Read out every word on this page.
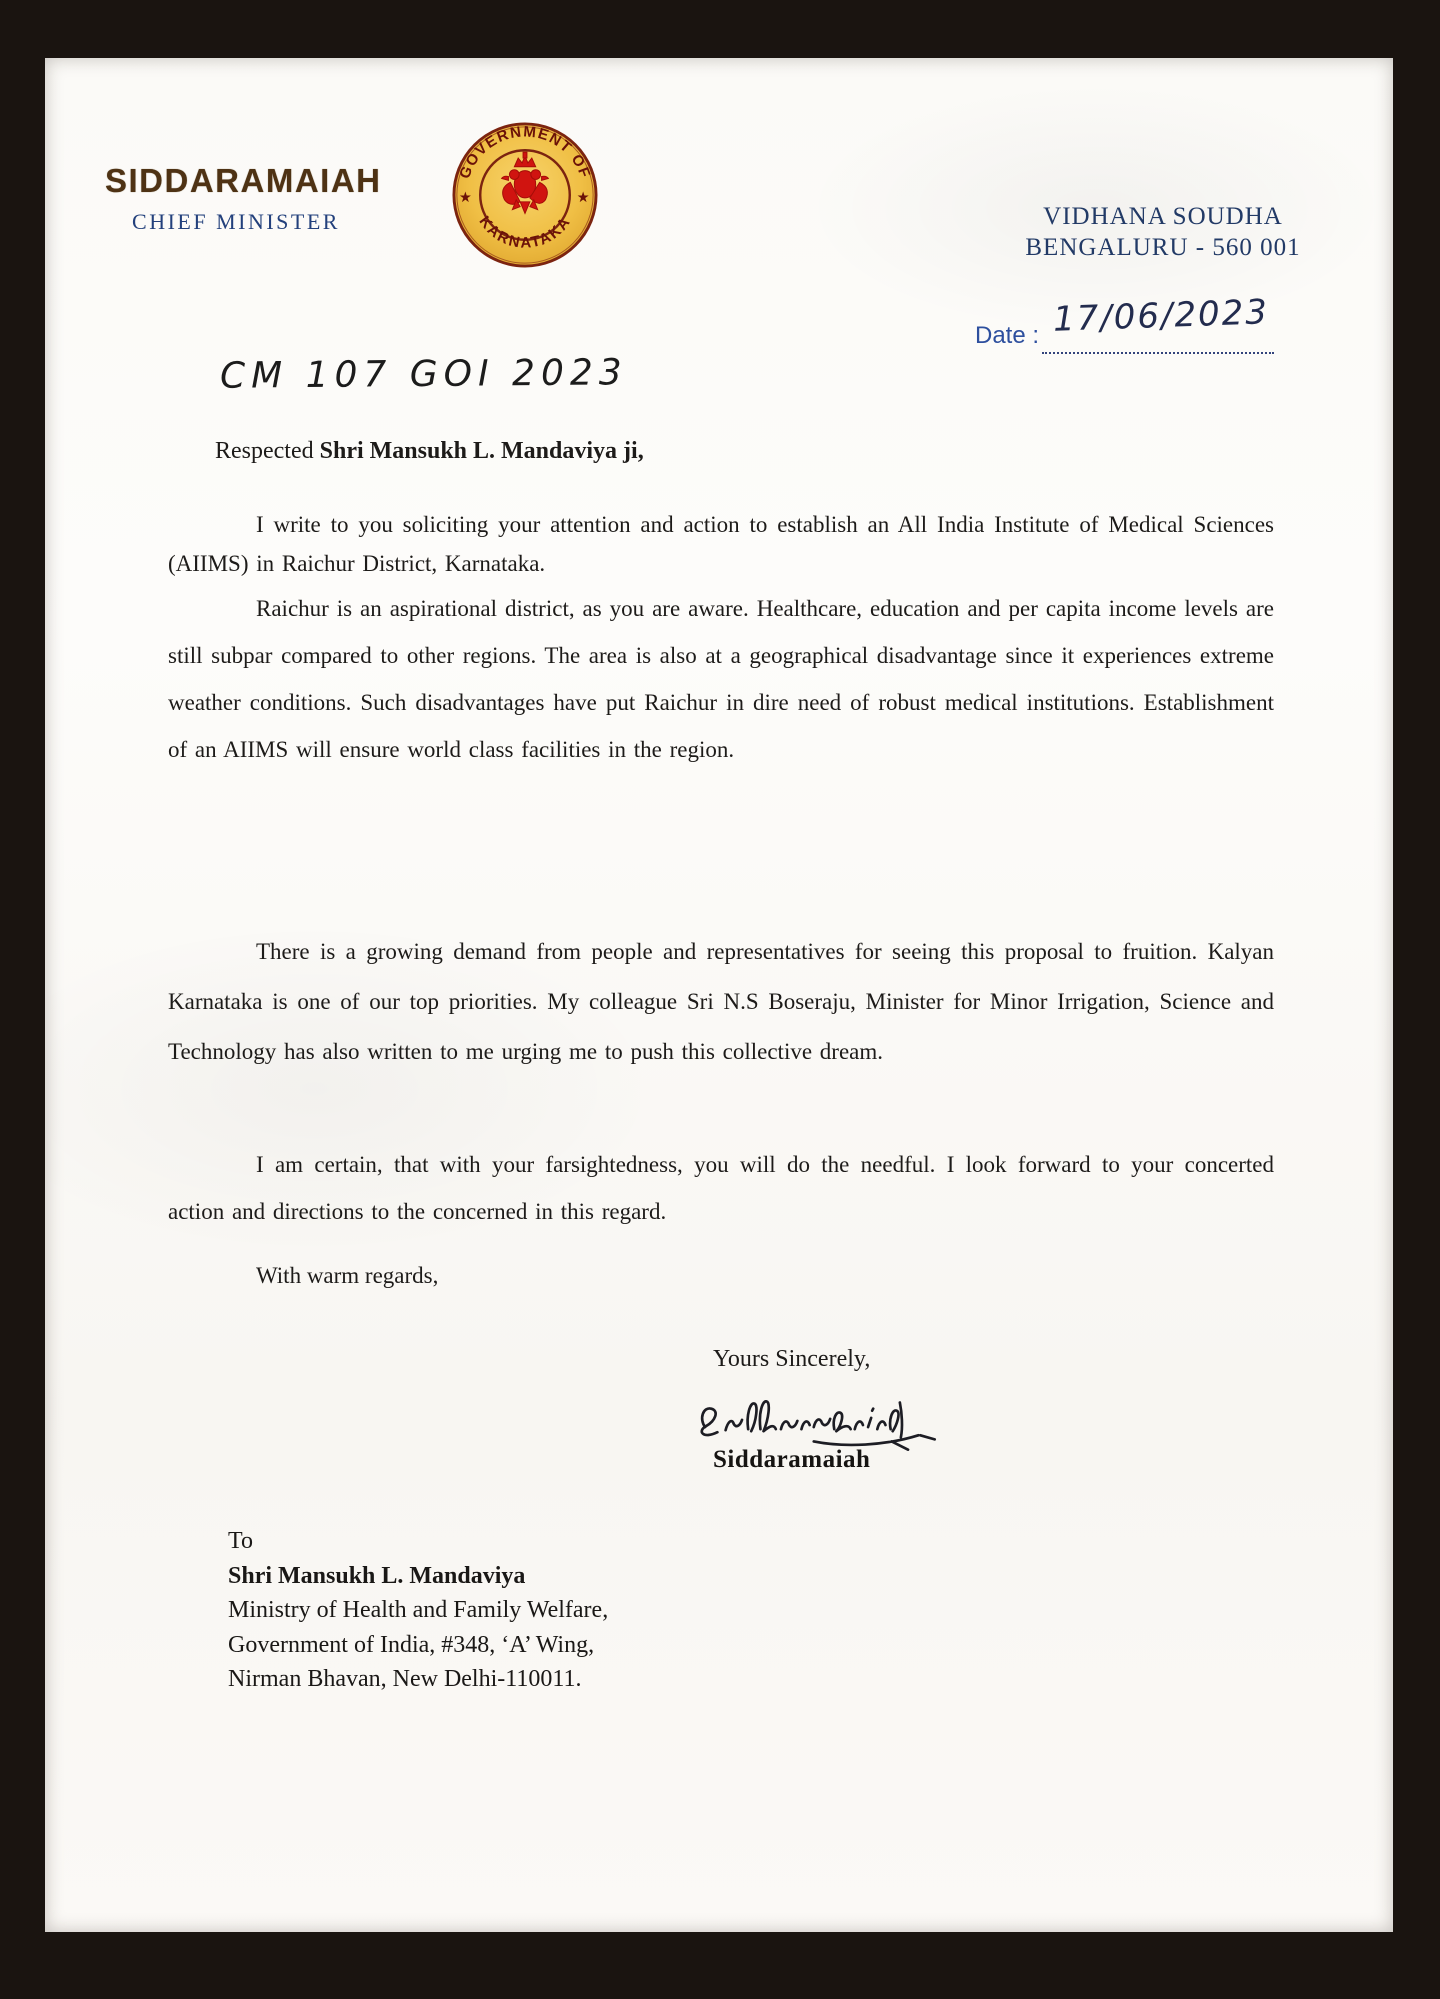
SIDDARAMAIAH
CHIEF MINISTER
GOVERNMENT OF
KARNATAKA
★	★
VIDHANA SOUDHA
BENGALURU - 560 001
Date : 17/06/2023
CM 107 GOI 2023
Respected Shri Mansukh L. Mandaviya ji,
I write to you soliciting your attention and action to establish an All India Institute of Medical Sciences (AIIMS) in Raichur District, Karnataka.
Raichur is an aspirational district, as you are aware. Healthcare, education and per capita income levels are still subpar compared to other regions. The area is also at a geographical disadvantage since it experiences extreme weather conditions. Such disadvantages have put Raichur in dire need of robust medical institutions. Establishment of an AIIMS will ensure world class facilities in the region.
There is a growing demand from people and representatives for seeing this proposal to fruition. Kalyan Karnataka is one of our top priorities. My colleague Sri N.S Boseraju, Minister for Minor Irrigation, Science and Technology has also written to me urging me to push this collective dream.
I am certain, that with your farsightedness, you will do the needful. I look forward to your concerted action and directions to the concerned in this regard.
With warm regards,
Yours Sincerely,
Siddaramaiah
To
Shri Mansukh L. Mandaviya
Ministry of Health and Family Welfare,
Government of India, #348, ‘A’ Wing,
Nirman Bhavan, New Delhi-110011.
